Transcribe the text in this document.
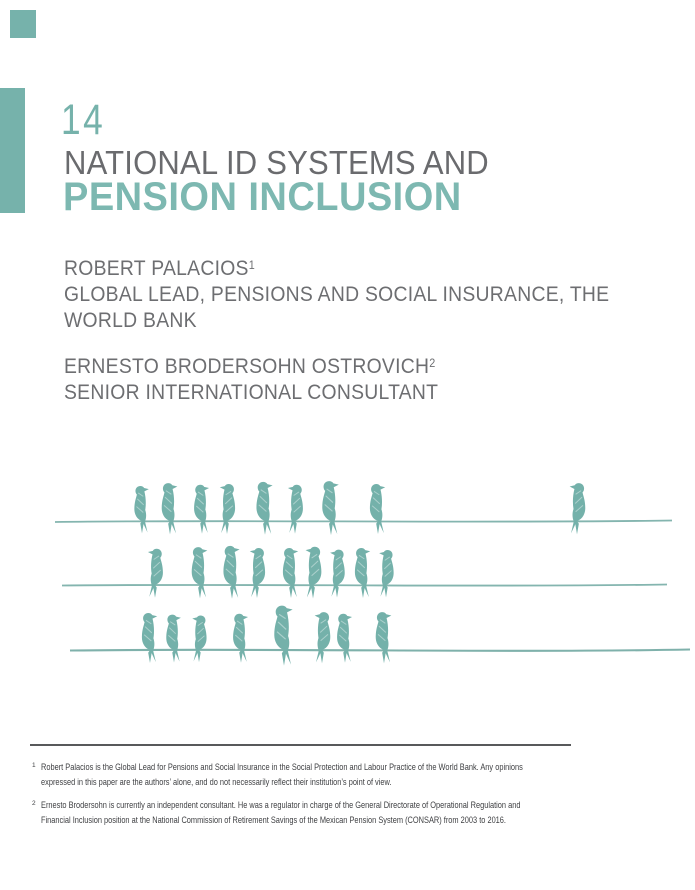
14
NATIONAL ID SYSTEMS AND
PENSION INCLUSION
ROBERT PALACIOS$^1$
GLOBAL LEAD, PENSIONS AND SOCIAL INSURANCE, THE
WORLD BANK
ERNESTO BRODERSOHN OSTROVICH$^2$
SENIOR INTERNATIONAL CONSULTANT
1 Robert Palacios is the Global Lead for Pensions and Social Insurance in the Social Protection and Labour Practice of the World Bank. Any opinions
expressed in this paper are the authors’ alone, and do not necessarily reflect their institution’s point of view.
2 Ernesto Brodersohn is currently an independent consultant. He was a regulator in charge of the General Directorate of Operational Regulation and
Financial Inclusion position at the National Commission of Retirement Savings of the Mexican Pension System (CONSAR) from 2003 to 2016.
